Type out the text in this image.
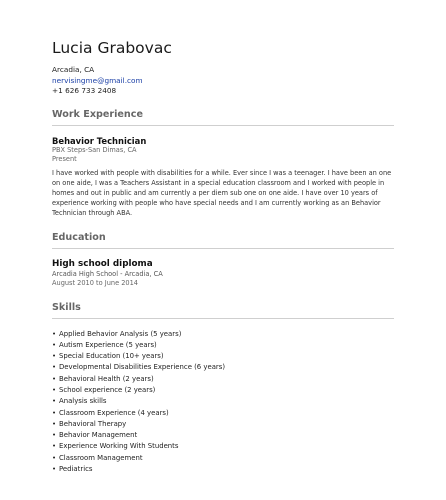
Lucia Grabovac
Arcadia, CA
nervisingme@gmail.com
+1 626 733 2408
Work Experience
Behavior Technician
PBX Steps-San Dimas, CA
Present
I have worked with people with disabilities for a while. Ever since I was a teenager. I have been an one on one aide, I was a Teachers Assistant in a special education classroom and I worked with people in homes and out in public and am currently a per diem sub one on one aide. I have over 10 years of experience working with people who have special needs and I am currently working as an Behavior Technician through ABA.
Education
High school diploma
Arcadia High School - Arcadia, CA
August 2010 to June 2014
Skills
• Applied Behavior Analysis (5 years)
• Autism Experience (5 years)
• Special Education (10+ years)
• Developmental Disabilities Experience (6 years)
• Behavioral Health (2 years)
• School experience (2 years)
• Analysis skills
• Classroom Experience (4 years)
• Behavioral Therapy
• Behavior Management
• Experience Working With Students
• Classroom Management
• Pediatrics
